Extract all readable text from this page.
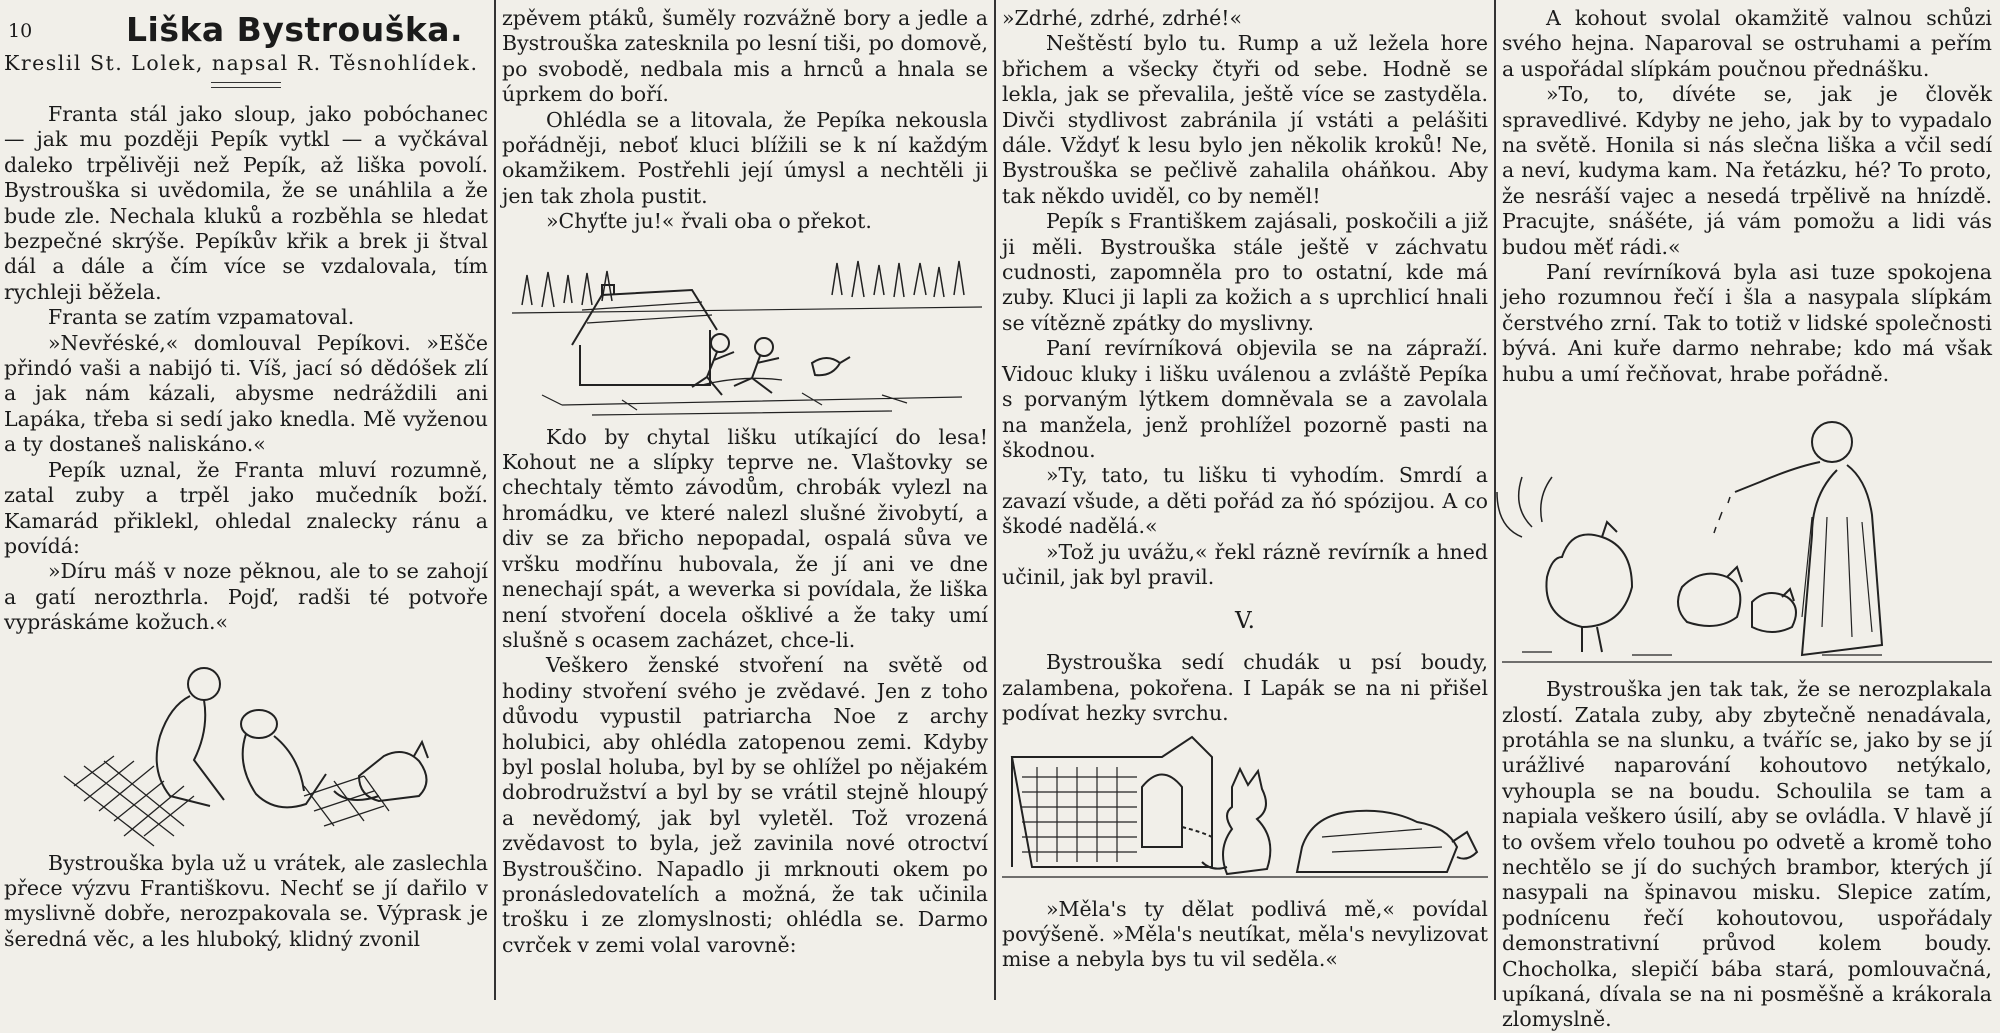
10	Liška Bystrouška.
Kreslil St. Lolek, napsal R. Těsnohlídek.

Franta stál jako sloup, jako pobóchanec — jak mu později Pepík vytkl — a vyčkával daleko trpělivěji než Pepík, až liška povolí. Bystrouška si uvědomila, že se unáhlila a že bude zle. Nechala kluků a rozběhla se hledat bezpečné skrýše. Pepíkův křik a brek ji štval dál a dále a čím více se vzdalovala, tím rychleji běžela.

Franta se zatím vzpamatoval.

»Nevřéské,« domlouval Pepíkovi. »Ešče přindó vaši a nabijó ti. Víš, jací só dědóšek zlí a jak nám kázali, abysme nedráždili ani Lapáka, třeba si sedí jako knedla. Mě vyženou a ty dostaneš naliskáno.«

Pepík uznal, že Franta mluví rozumně, zatal zuby a trpěl jako mučedník boží. Kamarád přiklekl, ohledal znalecky ránu a povídá:

»Díru máš v noze pěknou, ale to se zahojí a gatí nerozthrla. Pojď, radši té potvoře vypráskáme kožuch.«

Bystrouška byla už u vrátek, ale zaslechla přece výzvu Františkovu. Nechť se jí dařilo v myslivně dobře, nerozpakovala se. Výprask je šeredná věc, a les hluboký, klidný zvonil

zpěvem ptáků, šuměly rozvážně bory a jedle a Bystrouška zatesknila po lesní tiši, po domově, po svobodě, nedbala mis a hrnců a hnala se úprkem do boří.

Ohlédla se a litovala, že Pepíka nekousla pořádněji, neboť kluci blížili se k ní každým okamžikem. Postřehli její úmysl a nechtěli ji jen tak zhola pustit.

»Chyťte ju!« řvali oba o překot.

Kdo by chytal lišku utíkající do lesa! Kohout ne a slípky teprve ne. Vlaštovky se chechtaly těmto závodům, chrobák vylezl na hromádku, ve které nalezl slušné živobytí, a div se za břicho nepopadal, ospalá sůva ve vršku modřínu hubovala, že jí ani ve dne nenechají spát, a weverka si povídala, že liška není stvoření docela ošklivé a že taky umí slušně s ocasem zacházet, chce-li.

Veškero ženské stvoření na světě od hodiny stvoření svého je zvědavé. Jen z toho důvodu vypustil patriarcha Noe z archy holubici, aby ohlédla zatopenou zemi. Kdyby byl poslal holuba, byl by se ohlížel po nějakém dobrodružství a byl by se vrátil stejně hloupý a nevědomý, jak byl vyletěl. Tož vrozená zvědavost to byla, jež zavinila nové otroctví Bystrouščino. Napadlo ji mrknouti okem po pronásledovatelích a možná, že tak učinila trošku i ze zlomyslnosti; ohlédla se. Darmo cvrček v zemi volal varovně:

»Zdrhé, zdrhé, zdrhé!«

Neštěstí bylo tu. Rump a už ležela hore břichem a všecky čtyři od sebe. Hodně se lekla, jak se převalila, ještě více se zastyděla. Divči stydlivost zabránila jí vstáti a pelášiti dále. Vždyť k lesu bylo jen několik kroků! Ne, Bystrouška se pečlivě zahalila oháňkou. Aby tak někdo uviděl, co by neměl!

Pepík s Františkem zajásali, poskočili a již ji měli. Bystrouška stále ještě v záchvatu cudnosti, zapomněla pro to ostatní, kde má zuby. Kluci ji lapli za kožich a s uprchlicí hnali se vítězně zpátky do myslivny.

Paní revírníková objevila se na zápraží. Vidouc kluky i lišku uválenou a zvláště Pepíka s porvaným lýtkem domněvala se a zavolala na manžela, jenž prohlížel pozorně pasti na škodnou.

»Ty, tato, tu lišku ti vyhodím. Smrdí a zavazí všude, a děti pořád za ňó spózijou. A co škodé nadělá.«

»Tož ju uvážu,« řekl rázně revírník a hned učinil, jak byl pravil.

V.

Bystrouška sedí chudák u psí boudy, zalambena, pokořena. I Lapák se na ni přišel podívat hezky svrchu.

»Měla's ty dělat podlivá mě,« povídal povýšeně. »Měla's neutíkat, měla's nevylizovat mise a nebyla bys tu vil seděla.«

A kohout svolal okamžitě valnou schůzi svého hejna. Naparoval se ostruhami a peřím a uspořádal slípkám poučnou přednášku.

»To, to, dívéte se, jak je člověk spravedlivé. Kdyby ne jeho, jak by to vypadalo na světě. Honila si nás slečna liška a včil sedí a neví, kudyma kam. Na řetázku, hé? To proto, že nesráší vajec a nesedá trpělivě na hnízdě. Pracujte, snášéte, já vám pomožu a lidi vás budou měť rádi.«

Paní revírníková byla asi tuze spokojena jeho rozumnou řečí i šla a nasypala slípkám čerstvého zrní. Tak to totiž v lidské společnosti bývá. Ani kuře darmo nehrabe; kdo má však hubu a umí řečňovat, hrabe pořádně.

Bystrouška jen tak tak, že se nerozplakala zlostí. Zatala zuby, aby zbytečně nenadávala, protáhla se na slunku, a tváříc se, jako by se jí urážlivé naparování kohoutovo netýkalo, vyhoupla se na boudu. Schoulila se tam a napiala veškero úsilí, aby se ovládla. V hlavě jí to ovšem vřelo touhou po odvetě a kromě toho nechtělo se jí do suchých brambor, kterých jí nasypali na špinavou misku. Slepice zatím, podnícenu řečí kohoutovou, uspořádaly demonstrativní průvod kolem boudy. Chocholka, slepičí bába stará, pomlouvačná, upíkaná, dívala se na ni posměšně a krákorala zlomyslně.
